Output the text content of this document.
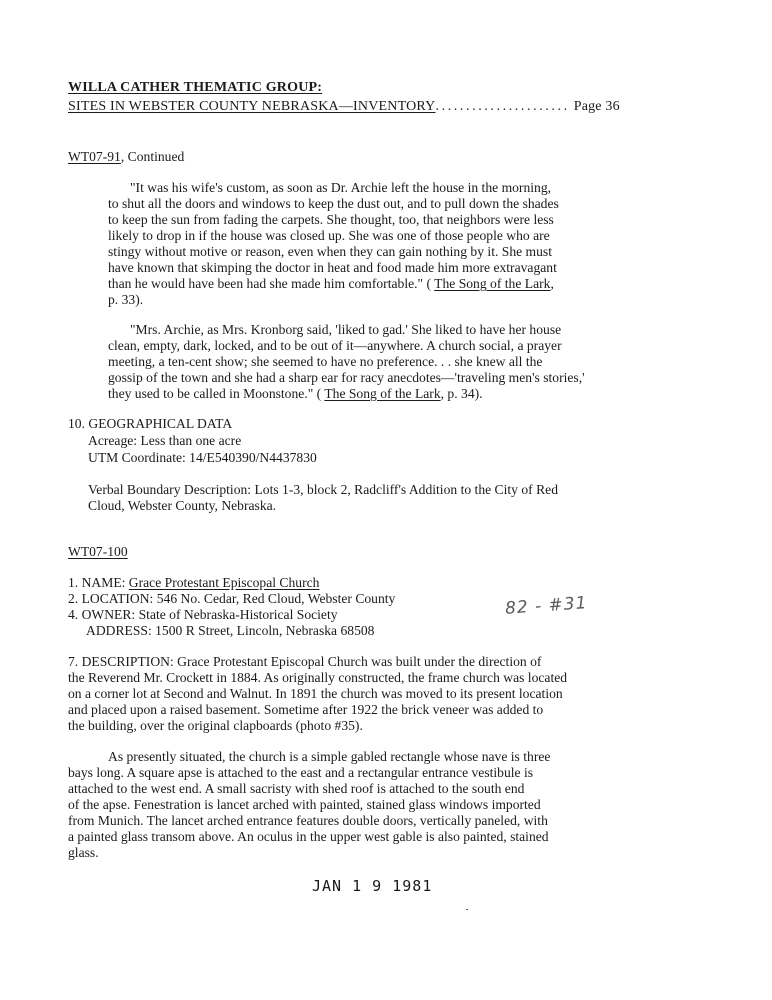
WILLA CATHER THEMATIC GROUP:
SITES IN WEBSTER COUNTY NEBRASKA—INVENTORY...................... Page 36
WT07-91, Continued
"It was his wife's custom, as soon as Dr. Archie left the house in the morning,
to shut all the doors and windows to keep the dust out, and to pull down the shades
to keep the sun from fading the carpets. She thought, too, that neighbors were less
likely to drop in if the house was closed up. She was one of those people who are
stingy without motive or reason, even when they can gain nothing by it. She must
have known that skimping the doctor in heat and food made him more extravagant
than he would have been had she made him comfortable." ( The Song of the Lark,
p. 33).
"Mrs. Archie, as Mrs. Kronborg said, 'liked to gad.' She liked to have her house
clean, empty, dark, locked, and to be out of it—anywhere. A church social, a prayer
meeting, a ten-cent show; she seemed to have no preference. . . she knew all the
gossip of the town and she had a sharp ear for racy anecdotes—'traveling men's stories,'
they used to be called in Moonstone." ( The Song of the Lark, p. 34).
10. GEOGRAPHICAL DATA
Acreage: Less than one acre
UTM Coordinate: 14/E540390/N4437830
Verbal Boundary Description: Lots 1-3, block 2, Radcliff's Addition to the City of Red
Cloud, Webster County, Nebraska.
WT07-100
1. NAME: Grace Protestant Episcopal Church
2. LOCATION: 546 No. Cedar, Red Cloud, Webster County
4. OWNER: State of Nebraska-Historical Society
ADDRESS: 1500 R Street, Lincoln, Nebraska 68508
82 - #31
7. DESCRIPTION: Grace Protestant Episcopal Church was built under the direction of
the Reverend Mr. Crockett in 1884. As originally constructed, the frame church was located
on a corner lot at Second and Walnut. In 1891 the church was moved to its present location
and placed upon a raised basement. Sometime after 1922 the brick veneer was added to
the building, over the original clapboards (photo #35).
As presently situated, the church is a simple gabled rectangle whose nave is three
bays long. A square apse is attached to the east and a rectangular entrance vestibule is
attached to the west end. A small sacristy with shed roof is attached to the south end
of the apse. Fenestration is lancet arched with painted, stained glass windows imported
from Munich. The lancet arched entrance features double doors, vertically paneled, with
a painted glass transom above. An oculus in the upper west gable is also painted, stained
glass.
JAN 1 9 1981
